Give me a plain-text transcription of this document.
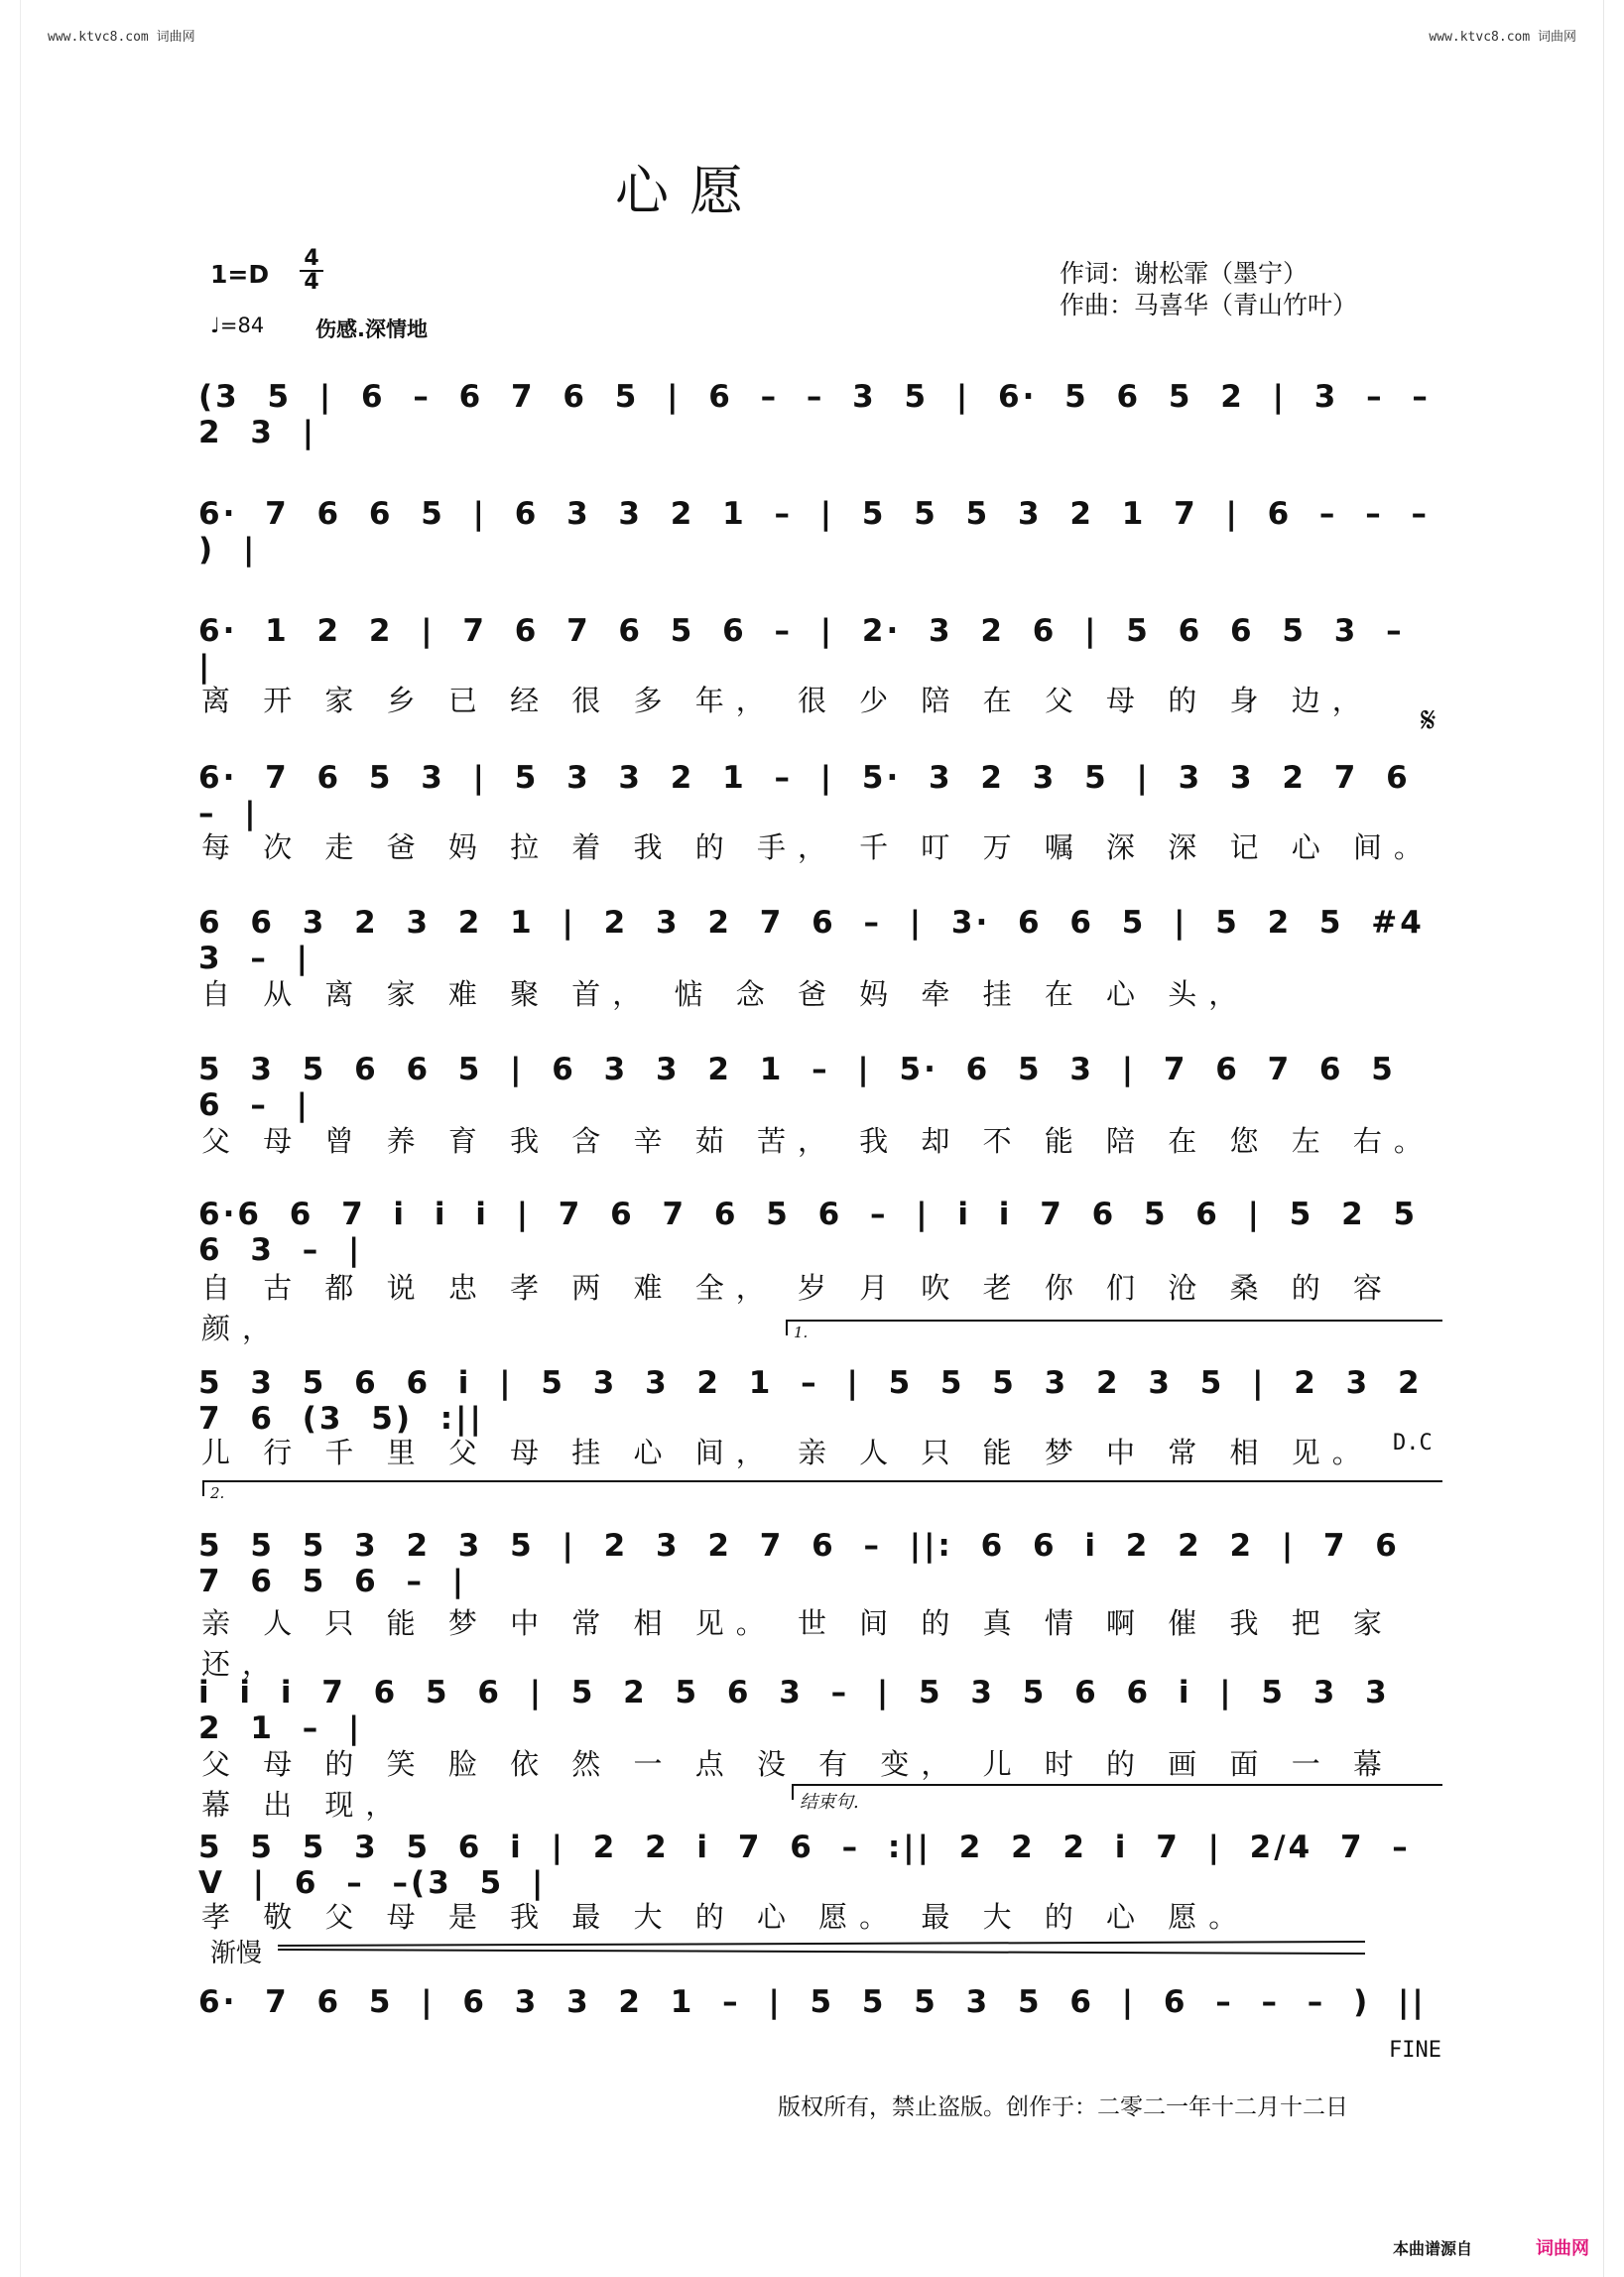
www.ktvc8.com 词曲网	www.ktvc8.com 词曲网
心 愿
1=D
4
4
♩=84 伤感.深情地
作词：谢松霏（墨宁）
作曲：马喜华（青山竹叶）
(3 5 | 6 – 6 7 6 5 | 6 – – 3 5 | 6· 5 6 5 2 | 3 – – 2 3 |
6· 7 6 6 5 | 6 3 3 2 1 – | 5 5 5 3 2 1 7 | 6 – – – ) |
6· 1 2 2 | 7 6 7 6 5 6 – | 2· 3 2 6 | 5 6 6 5 3 – |
离 开 家 乡 已 经 很 多 年， 很 少 陪 在 父 母 的 身 边，
6· 7 6 5 3 | 5 3 3 2 1 – | 5· 3 2 3 5 | 3 3 2 7 6 – |
每 次 走 爸 妈 拉 着 我 的 手， 千 叮 万 嘱 深 深 记 心 间。
6 6 3 2 3 2 1 | 2 3 2 7 6 – | 3· 6 6 5 | 5 2 5 #4 3 – |
自 从 离 家 难 聚 首， 惦 念 爸 妈 牵 挂 在 心 头，
5 3 5 6 6 5 | 6 3 3 2 1 – | 5· 6 5 3 | 7 6 7 6 5 6 – |
父 母 曾 养 育 我 含 辛 茹 苦， 我 却 不 能 陪 在 您 左 右。
6·6 6 7 i i i | 7 6 7 6 5 6 – | i i 7 6 5 6 | 5 2 5 6 3 – |
自 古 都 说 忠 孝 两 难 全， 岁 月 吹 老 你 们 沧 桑 的 容 颜，
5 3 5 6 6 i | 5 3 3 2 1 – | 5 5 5 3 2 3 5 | 2 3 2 7 6 (3 5) :||
儿 行 千 里 父 母 挂 心 间， 亲 人 只 能 梦 中 常 相 见。
5 5 5 3 2 3 5 | 2 3 2 7 6 – ||: 6 6 i 2 2 2 | 7 6 7 6 5 6 – |
亲 人 只 能 梦 中 常 相 见。 世 间 的 真 情 啊 催 我 把 家 还，
i i i 7 6 5 6 | 5 2 5 6 3 – | 5 3 5 6 6 i | 5 3 3 2 1 – |
父 母 的 笑 脸 依 然 一 点 没 有 变， 儿 时 的 画 面 一 幕 幕 出 现，
5 5 5 3 5 6 i | 2 2 i 7 6 – :|| 2 2 2 i 7 | 2/4 7 – V | 6 – –(3 5 |
孝 敬 父 母 是 我 最 大 的 心 愿。 最 大 的 心 愿。
6· 7 6 5 | 6 3 3 2 1 – | 5 5 5 3 5 6 | 6 – – – ) ||
𝄋
D.C
FINE
渐慢
1.
2.
结束句.
版权所有，禁止盗版。创作于：二零二一年十二月十二日
本曲谱源自	词曲网
